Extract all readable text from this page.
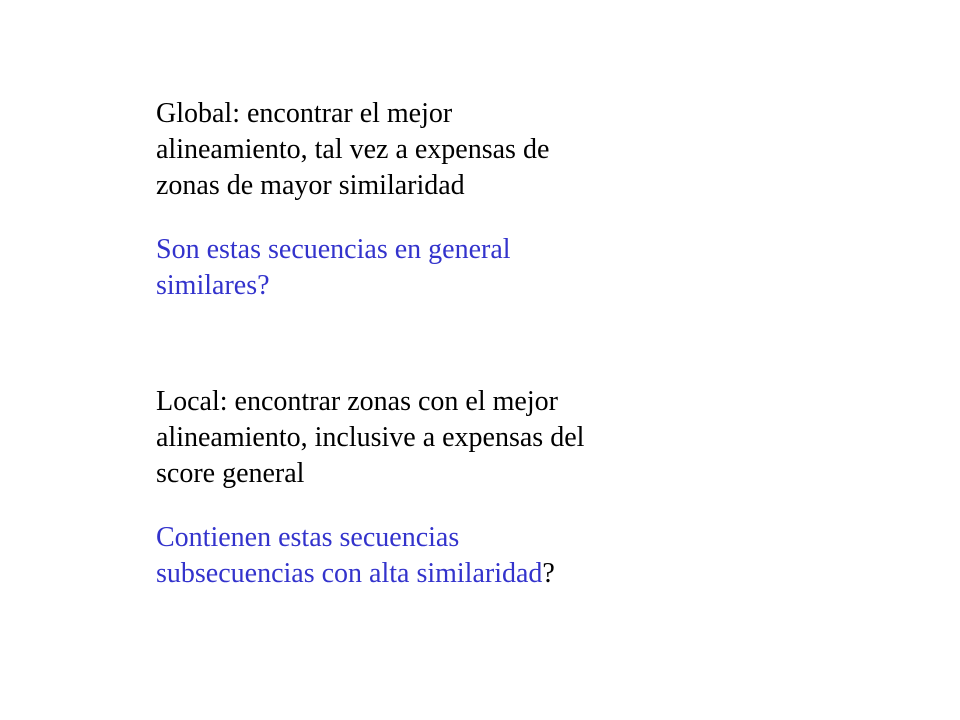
Global: encontrar el mejor
alineamiento, tal vez a expensas de
zonas de mayor similaridad

Son estas secuencias en general
similares?

Local: encontrar zonas con el mejor
alineamiento, inclusive a expensas del
score general

Contienen estas secuencias
subsecuencias con alta similaridad?
